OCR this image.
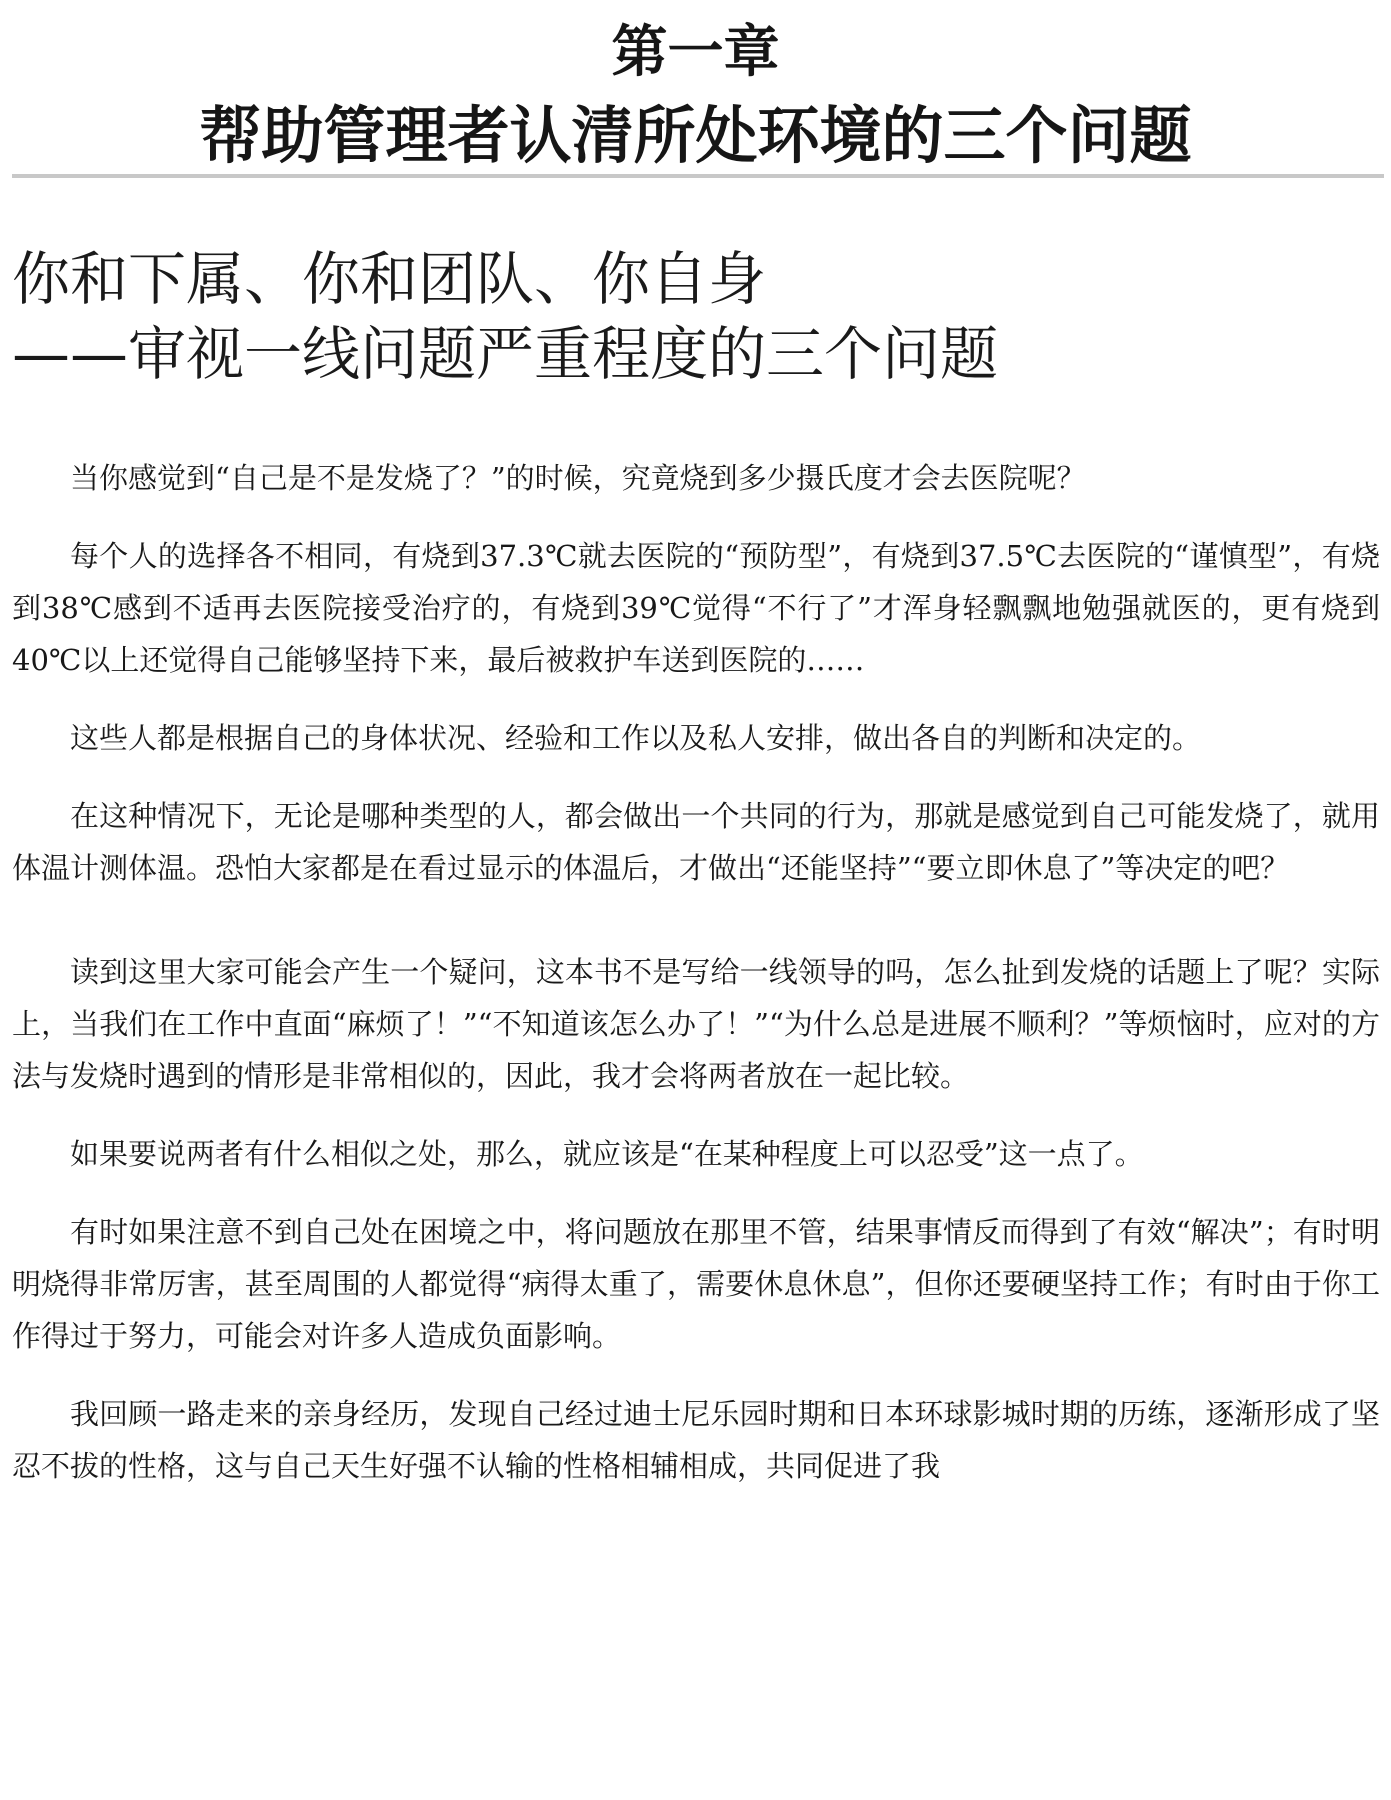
第一章
帮助管理者认清所处环境的三个问题
你和下属、你和团队、你自身
——审视一线问题严重程度的三个问题

当你感觉到“自己是不是发烧了？”的时候，究竟烧到多少摄氏度才会去医院呢？

每个人的选择各不相同，有烧到37.3℃就去医院的“预防型”，有烧到37.5℃去医院的“谨慎型”，有烧到38℃感到不适再去医院接受治疗的，有烧到39℃觉得“不行了”才浑身轻飘飘地勉强就医的，更有烧到40℃以上还觉得自己能够坚持下来，最后被救护车送到医院的……

这些人都是根据自己的身体状况、经验和工作以及私人安排，做出各自的判断和决定的。

在这种情况下，无论是哪种类型的人，都会做出一个共同的行为，那就是感觉到自己可能发烧了，就用体温计测体温。恐怕大家都是在看过显示的体温后，才做出“还能坚持”“要立即休息了”等决定的吧？

读到这里大家可能会产生一个疑问，这本书不是写给一线领导的吗，怎么扯到发烧的话题上了呢？实际上，当我们在工作中直面“麻烦了！”“不知道该怎么办了！”“为什么总是进展不顺利？”等烦恼时，应对的方法与发烧时遇到的情形是非常相似的，因此，我才会将两者放在一起比较。

如果要说两者有什么相似之处，那么，就应该是“在某种程度上可以忍受”这一点了。

有时如果注意不到自己处在困境之中，将问题放在那里不管，结果事情反而得到了有效“解决”；有时明明烧得非常厉害，甚至周围的人都觉得“病得太重了，需要休息休息”，但你还要硬坚持工作；有时由于你工作得过于努力，可能会对许多人造成负面影响。

我回顾一路走来的亲身经历，发现自己经过迪士尼乐园时期和日本环球影城时期的历练，逐渐形成了坚忍不拔的性格，这与自己天生好强不认输的性格相辅相成，共同促进了我
